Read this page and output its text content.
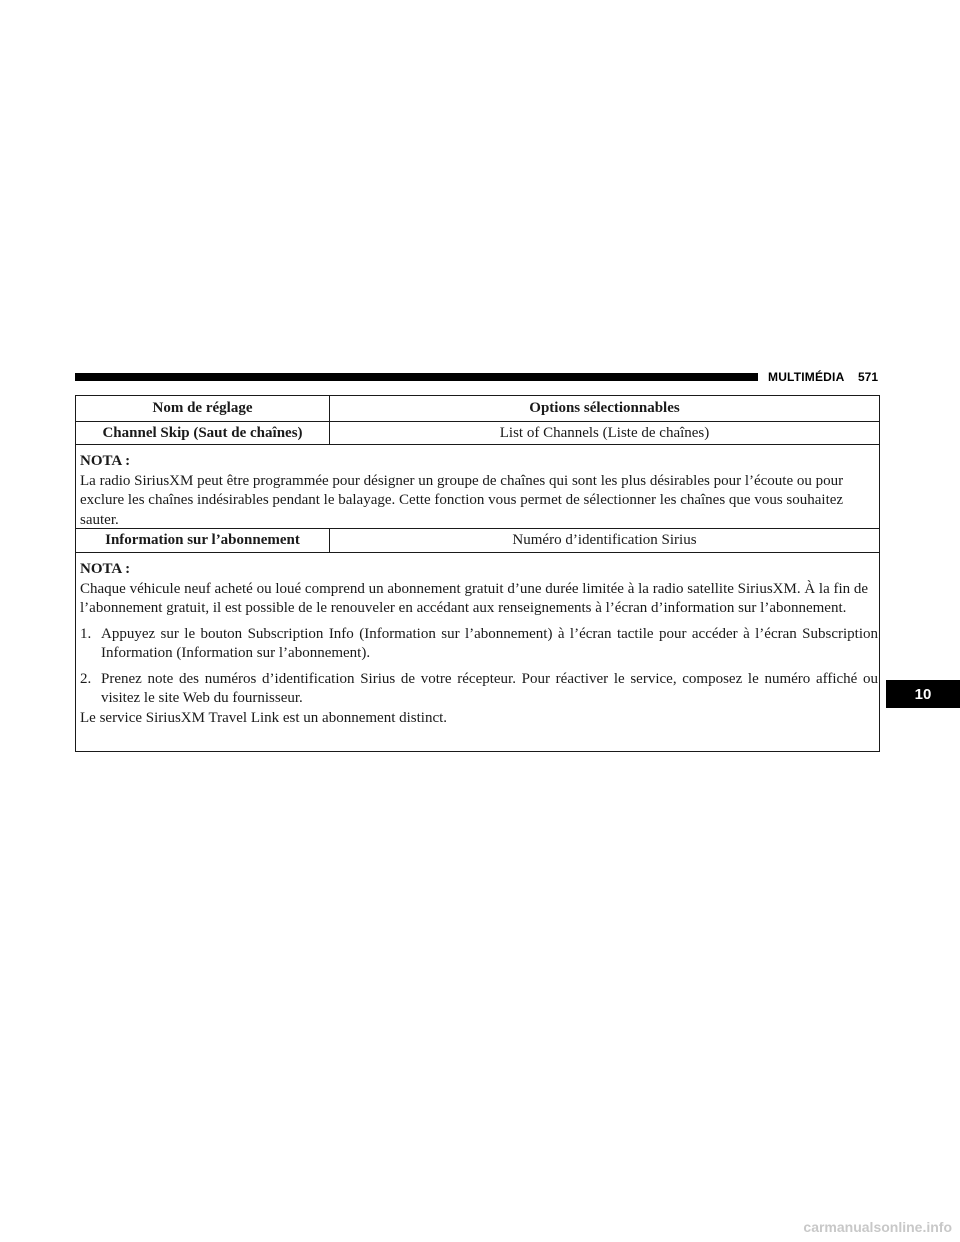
MULTIMÉDIA 571
Nom de réglage	Options sélectionnables
Channel Skip (Saut de chaînes)	List of Channels (Liste de chaînes)

NOTA :

La radio SiriusXM peut être programmée pour désigner un groupe de chaînes qui sont les plus désirables pour l’écoute ou pour exclure les chaînes indésirables pendant le balayage. Cette fonction vous permet de sélectionner les chaînes que vous souhaitez sauter.

Information sur l’abonnement	Numéro d’identification Sirius

NOTA :

Chaque véhicule neuf acheté ou loué comprend un abonnement gratuit d’une durée limitée à la radio satellite SiriusXM. À la fin de l’abonnement gratuit, il est possible de le renouveler en accédant aux renseignements à l’écran d’information sur l’abonnement.

1. Appuyez sur le bouton Subscription Info (Information sur l’abonnement) à l’écran tactile pour accéder à l’écran Subscription Information (Information sur l’abonnement).

2. Prenez note des numéros d’identification Sirius de votre récepteur. Pour réactiver le service, composez le numéro affiché ou visitez le site Web du fournisseur.

Le service SiriusXM Travel Link est un abonnement distinct.

10
carmanualsonline.info
